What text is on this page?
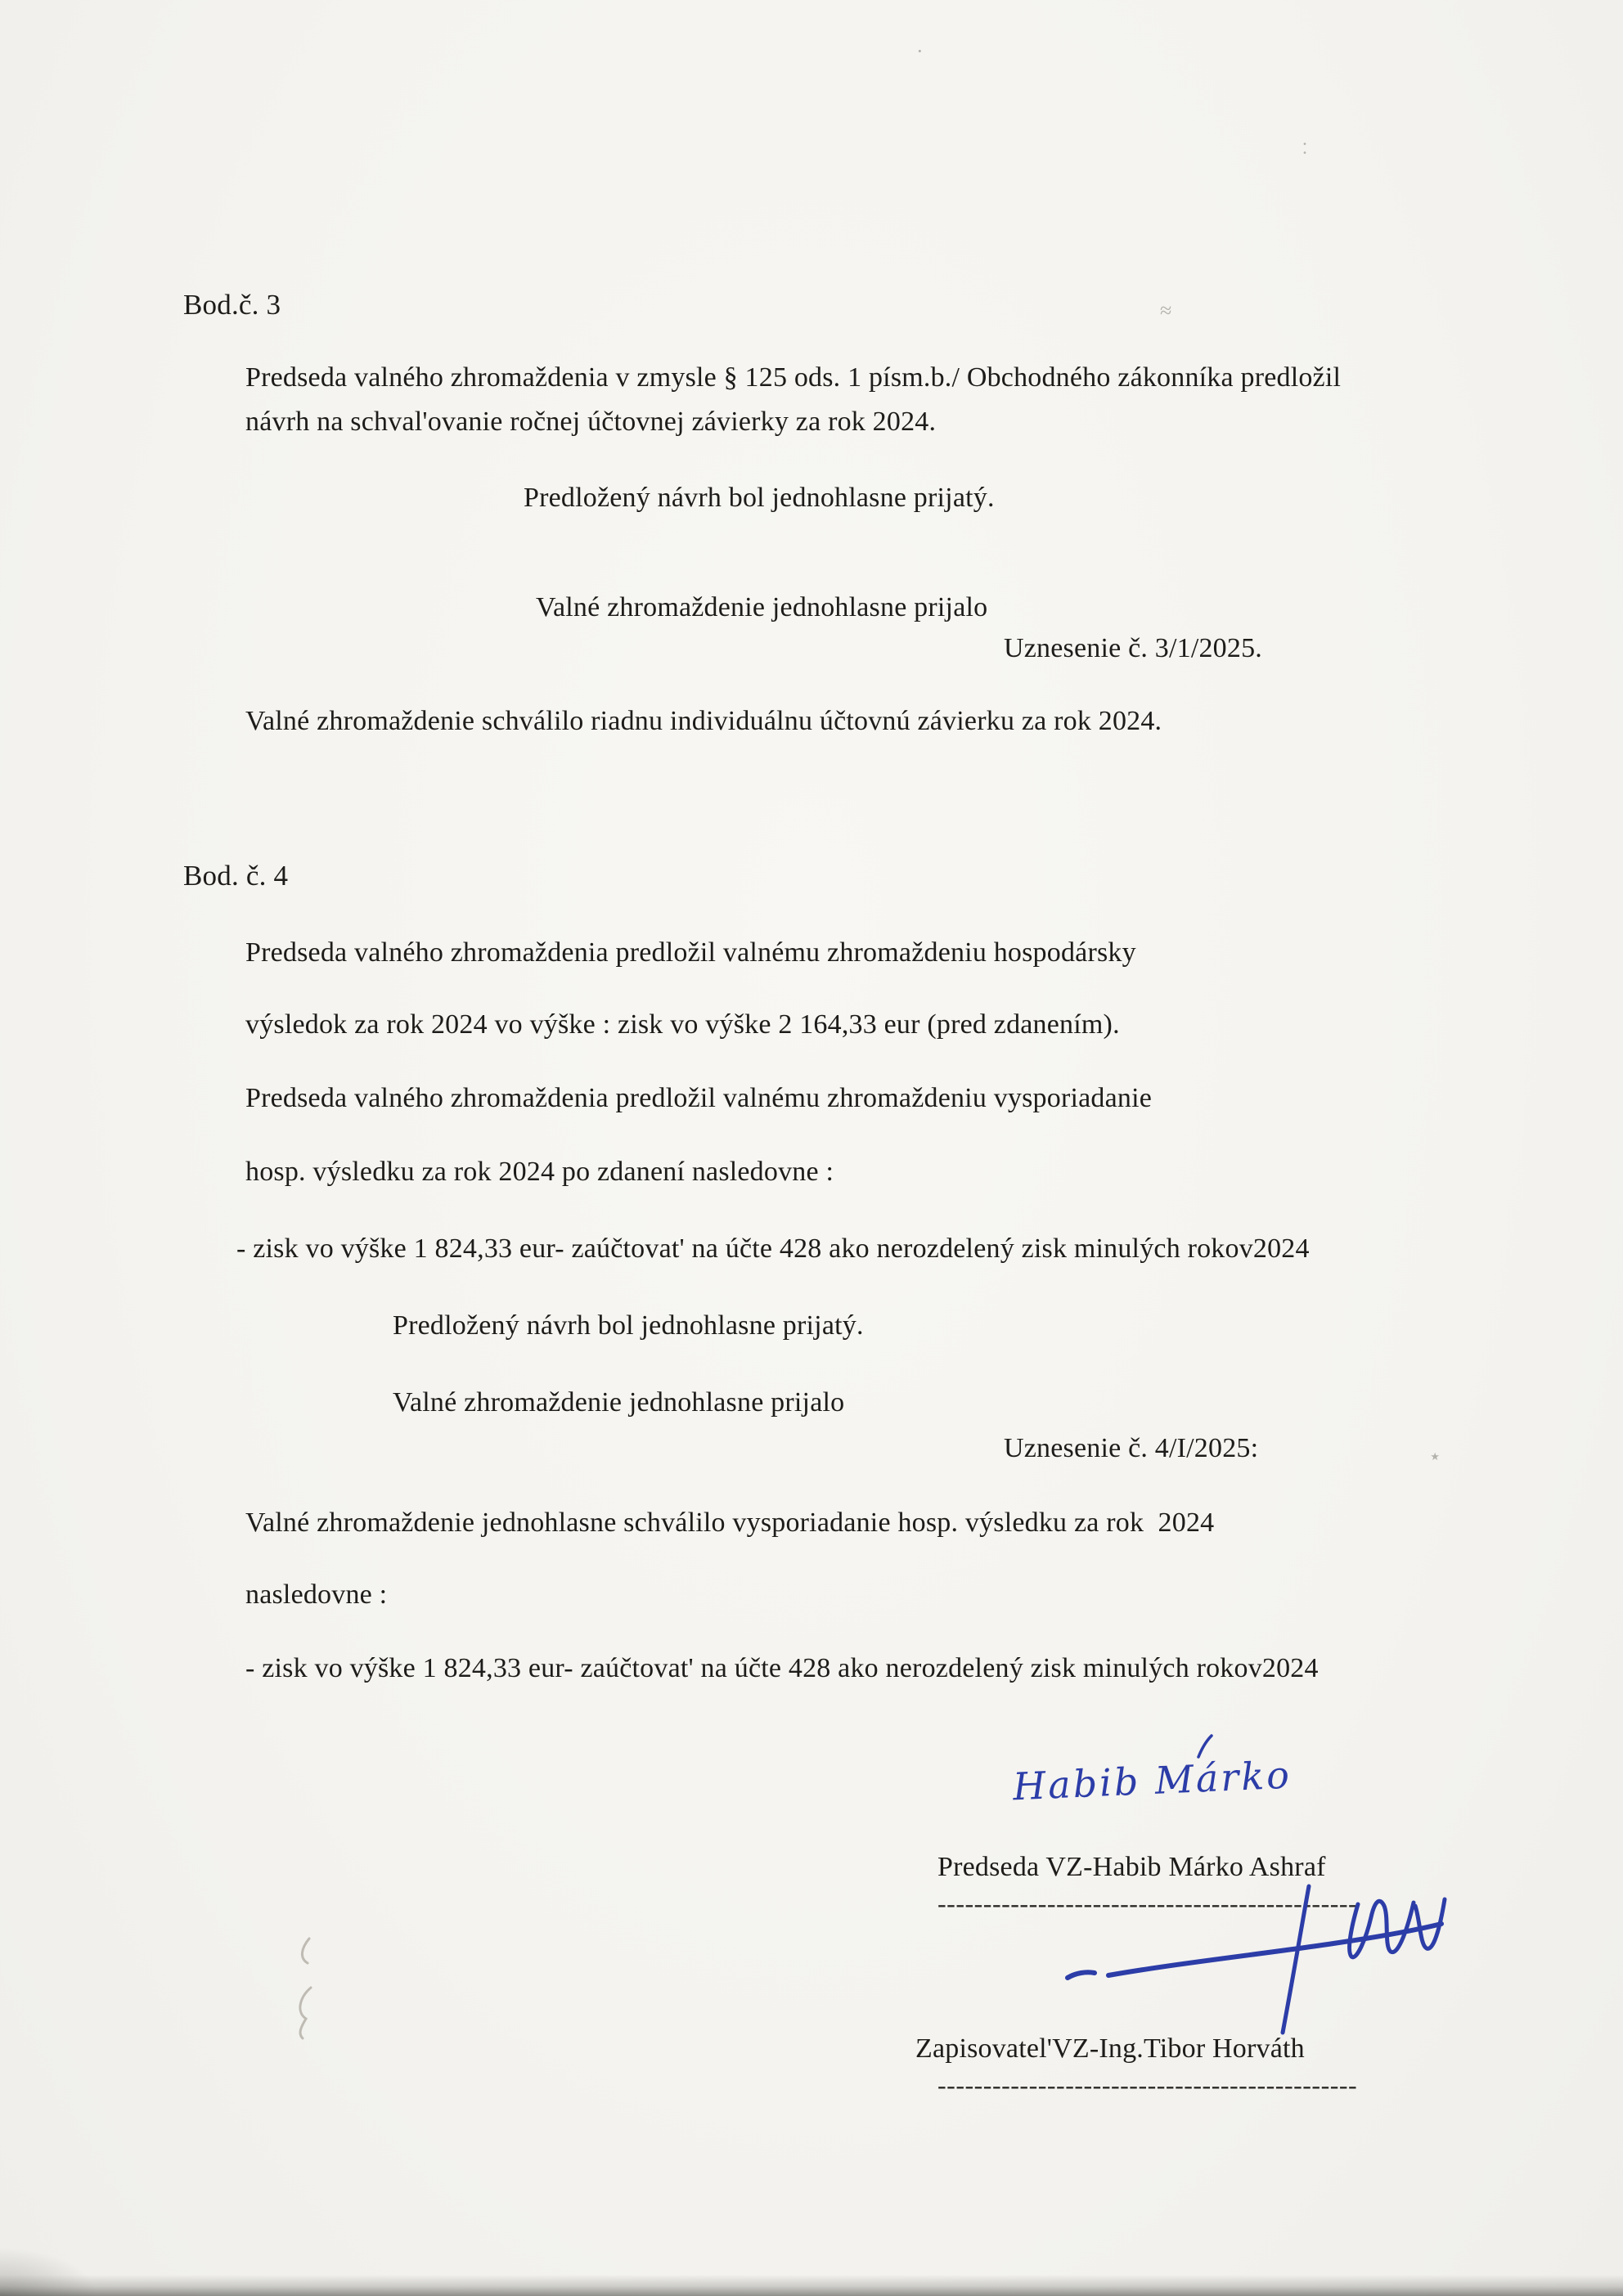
Bod.č. 3
Predseda valného zhromaždenia v zmysle § 125 ods. 1 písm.b./ Obchodného zákonníka predložil návrh na schval'ovanie ročnej účtovnej závierky za rok 2024.
Predložený návrh bol jednohlasne prijatý.
Valné zhromaždenie jednohlasne prijalo
Uznesenie č. 3/1/2025.
Valné zhromaždenie schválilo riadnu individuálnu účtovnú závierku za rok 2024.
Bod. č. 4
Predseda valného zhromaždenia predložil valnému zhromaždeniu hospodársky
výsledok za rok 2024 vo výške : zisk vo výške 2 164,33 eur (pred zdanením).
Predseda valného zhromaždenia predložil valnému zhromaždeniu vysporiadanie
hosp. výsledku za rok 2024 po zdanení nasledovne :
- zisk vo výške 1 824,33 eur- zaúčtovat' na účte 428 ako nerozdelený zisk minulých rokov2024
Predložený návrh bol jednohlasne prijatý.
Valné zhromaždenie jednohlasne prijalo
Uznesenie č. 4/I/2025:
Valné zhromaždenie jednohlasne schválilo vysporiadanie hosp. výsledku za rok  2024
nasledovne :
- zisk vo výške 1 824,33 eur- zaúčtovat' na účte 428 ako nerozdelený zisk minulých rokov2024
Habib Márko
Predseda VZ-Habib Márko Ashraf
----------------------------------------------
Zapisovatel'VZ-Ing.Tibor Horváth
----------------------------------------------
≈
·
﹕
⋆
